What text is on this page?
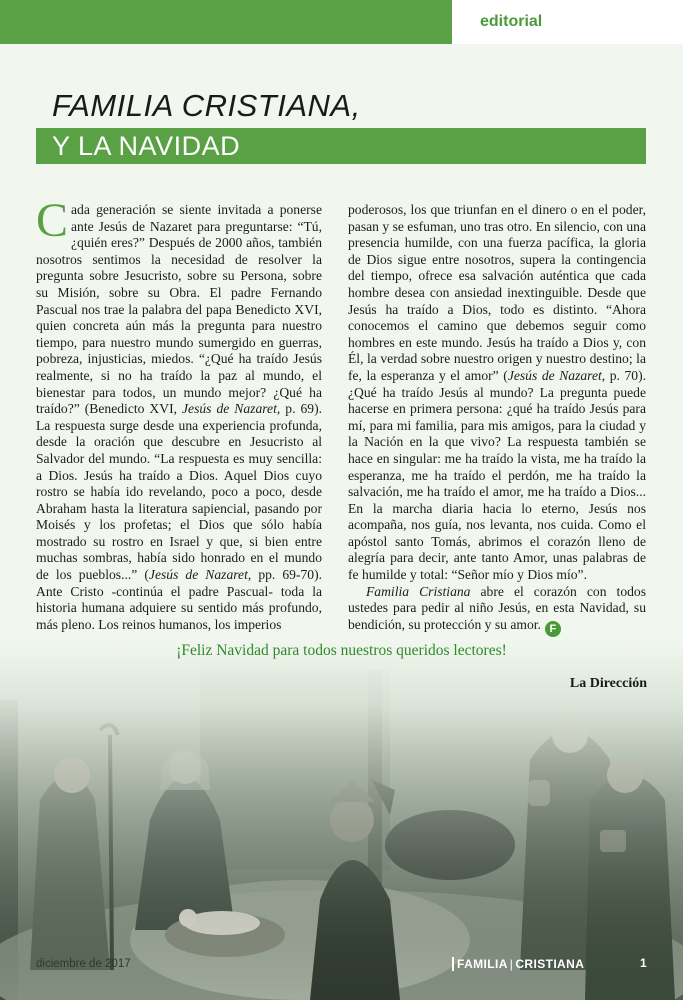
editorial
FAMILIA CRISTIANA,
Y LA NAVIDAD

Cada generación se siente invitada a ponerse ante Jesús de Nazaret para preguntarse: “Tú, ¿quién eres?” Después de 2000 años, también nosotros sentimos la necesidad de resolver la pregunta sobre Jesucristo, sobre su Persona, sobre su Misión, sobre su Obra. El padre Fernando Pascual nos trae la palabra del papa Benedicto XVI, quien concreta aún más la pregunta para nuestro tiempo, para nuestro mundo sumergido en guerras, pobreza, injusticias, miedos. “¿Qué ha traído Jesús realmente, si no ha traído la paz al mundo, el bienestar para todos, un mundo mejor? ¿Qué ha traído?” (Benedicto XVI, Jesús de Nazaret, p. 69). La respuesta surge desde una experiencia profunda, desde la oración que descubre en Jesucristo al Salvador del mundo. “La respuesta es muy sencilla: a Dios. Jesús ha traído a Dios. Aquel Dios cuyo rostro se había ido revelando, poco a poco, desde Abraham hasta la literatura sapiencial, pasando por Moisés y los profetas; el Dios que sólo había mostrado su rostro en Israel y que, si bien entre muchas sombras, había sido honrado en el mundo de los pueblos...” (Jesús de Nazaret, pp. 69-70). Ante Cristo -continúa el padre Pascual- toda la historia humana adquiere su sentido más profundo, más pleno. Los reinos humanos, los imperios

poderosos, los que triunfan en el dinero o en el poder, pasan y se esfuman, uno tras otro. En silencio, con una presencia humilde, con una fuerza pacífica, la gloria de Dios sigue entre nosotros, supera la contingencia del tiempo, ofrece esa salvación auténtica que cada hombre desea con ansiedad inextinguible. Desde que Jesús ha traído a Dios, todo es distinto. “Ahora conocemos el camino que debemos seguir como hombres en este mundo. Jesús ha traído a Dios y, con Él, la verdad sobre nuestro origen y nuestro destino; la fe, la esperanza y el amor” (Jesús de Nazaret, p. 70). ¿Qué ha traído Jesús al mundo? La pregunta puede hacerse en primera persona: ¿qué ha traído Jesús para mí, para mi familia, para mis amigos, para la ciudad y la Nación en la que vivo? La respuesta también se hace en singular: me ha traído la vista, me ha traído la esperanza, me ha traído el perdón, me ha traído la salvación, me ha traído el amor, me ha traído a Dios... En la marcha diaria hacia lo eterno, Jesús nos acompaña, nos guía, nos levanta, nos cuida. Como el apóstol santo Tomás, abrimos el corazón lleno de alegría para decir, ante tanto Amor, unas palabras de fe humilde y total: “Señor mío y Dios mío”.

Familia Cristiana abre el corazón con todos ustedes para pedir al niño Jesús, en esta Navidad, su bendición, su protección y su amor. F

¡Feliz Navidad para todos nuestros queridos lectores!
La Dirección
diciembre de 2017	FAMILIA | CRISTIANA	1
